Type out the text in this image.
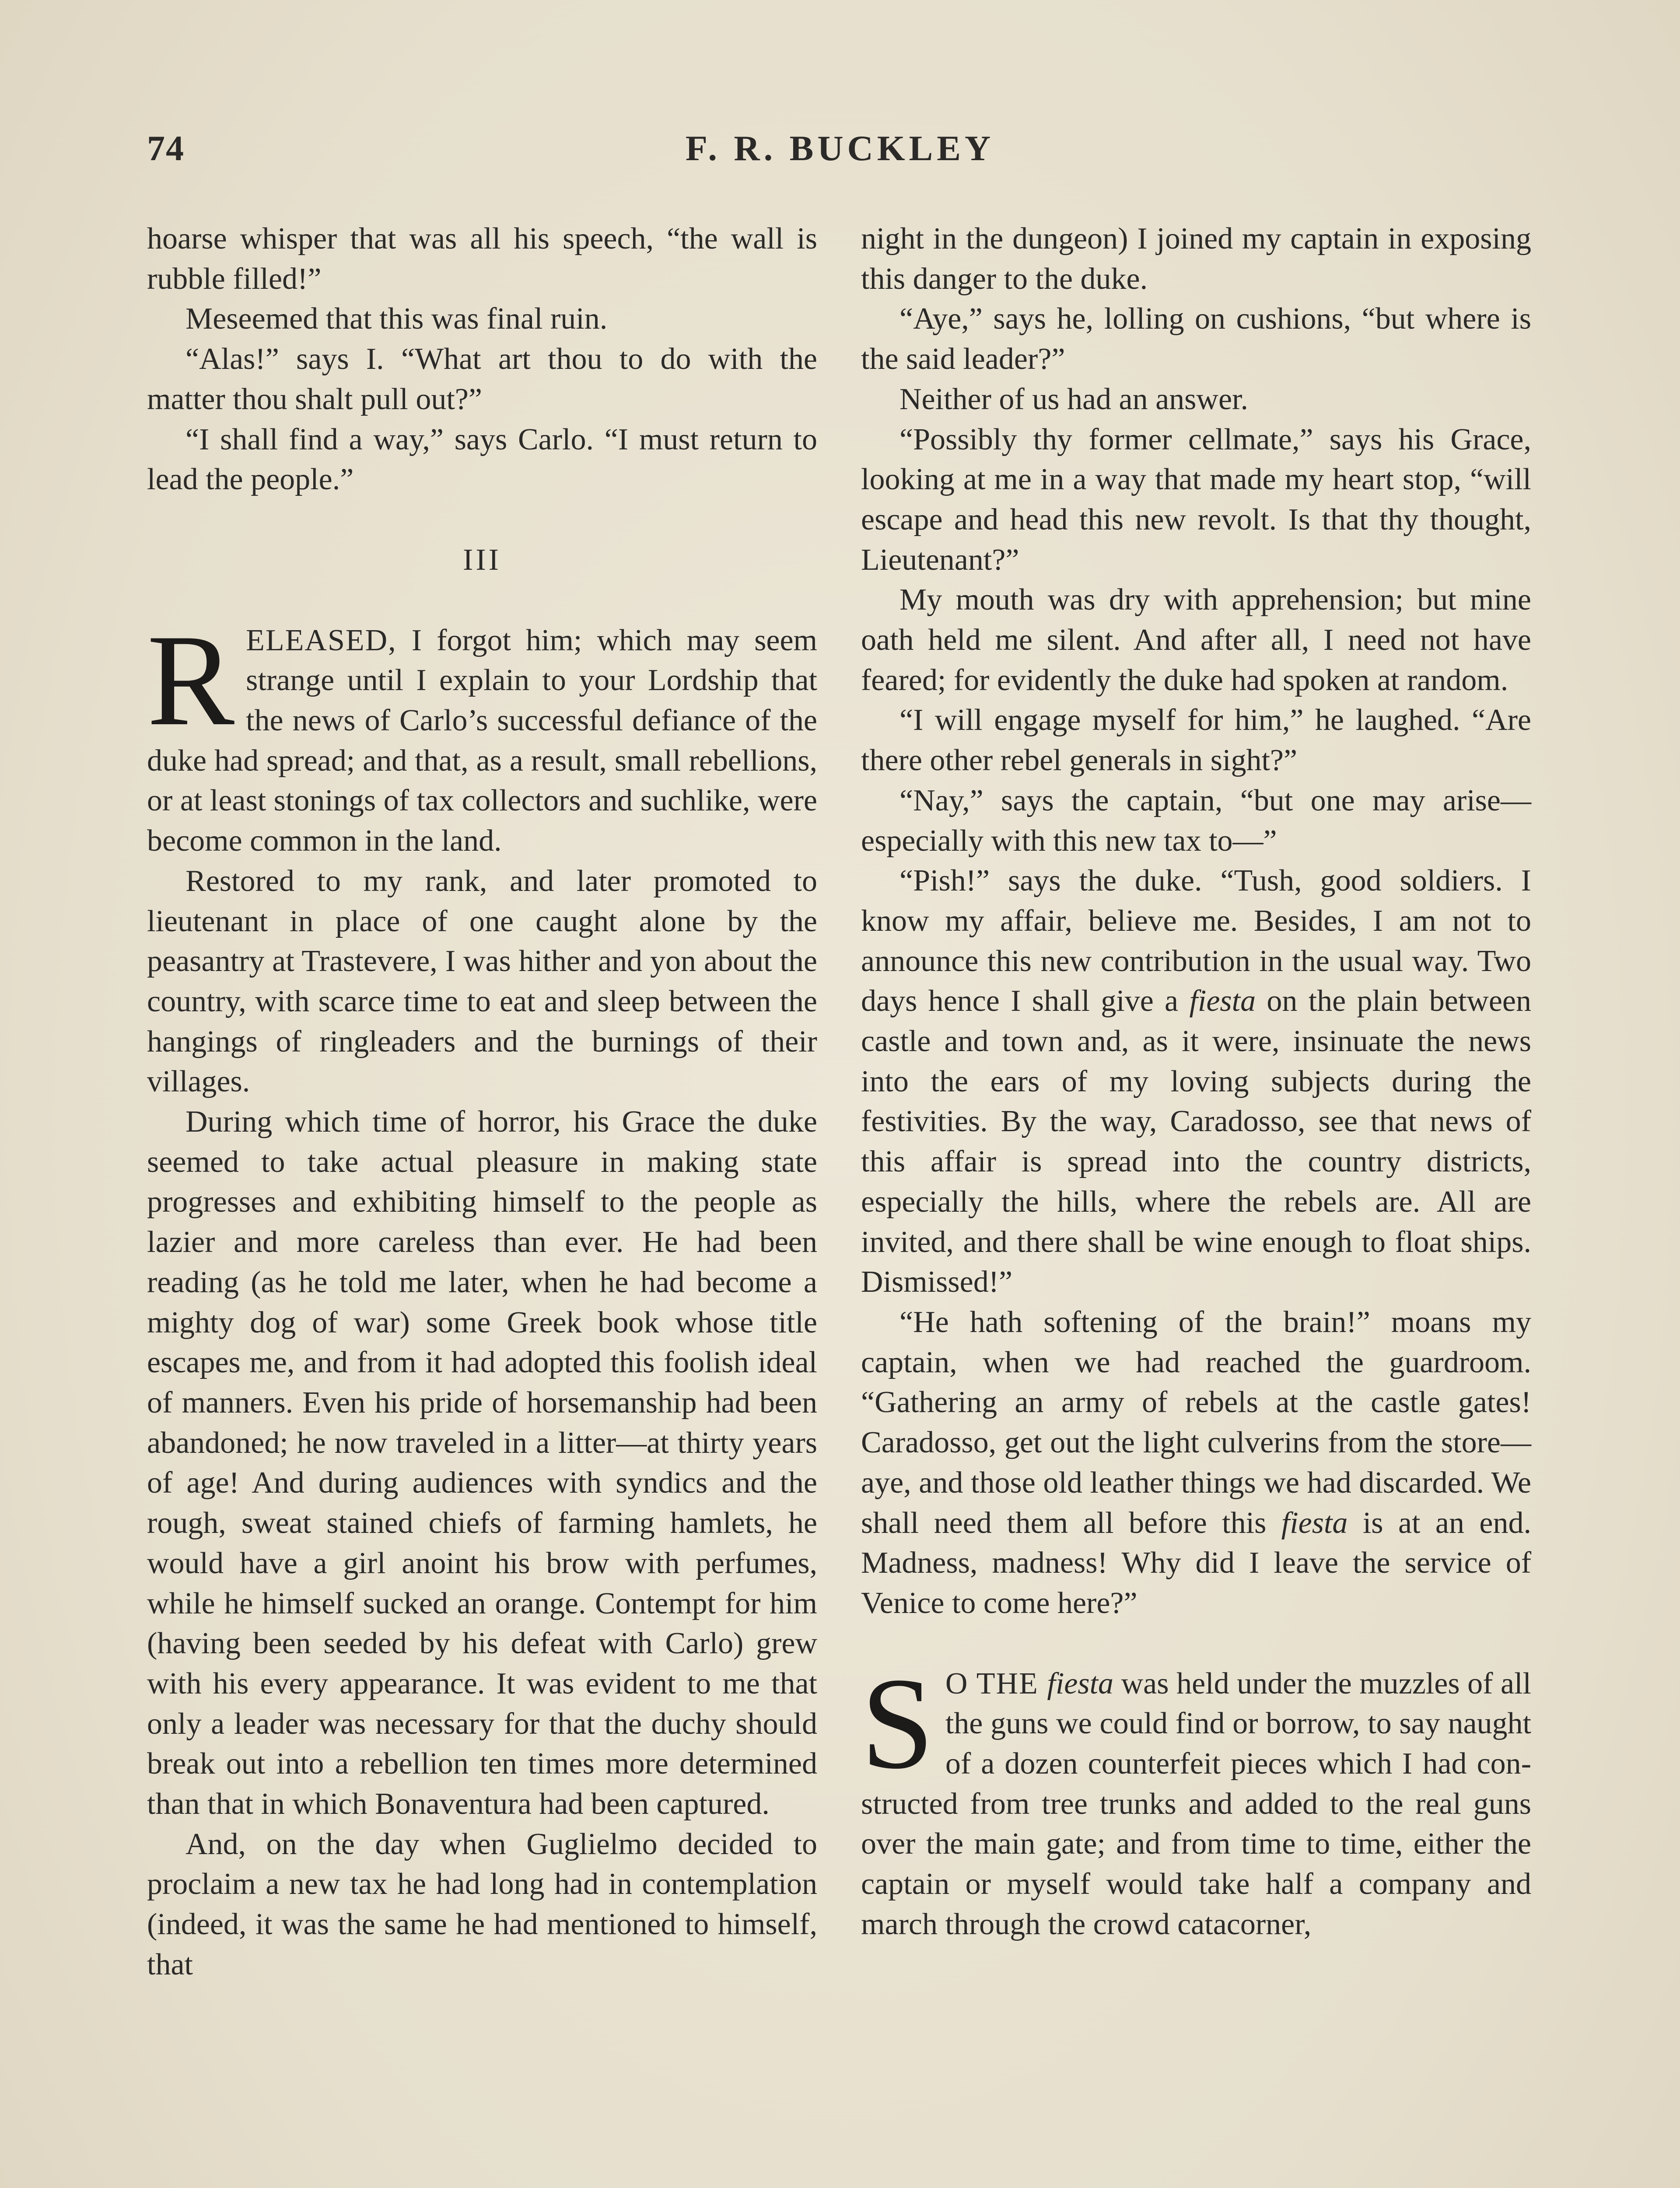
74	F. R. BUCKLEY

hoarse whisper that was all his speech, “the wall is rubble filled!”

Meseemed that this was final ruin.

“Alas!” says I. “What art thou to do with the matter thou shalt pull out?”

“I shall find a way,” says Carlo. “I must return to lead the people.”

III

RELEASED, I forgot him; which may seem strange until I explain to your Lordship that the news of Carlo’s successful defiance of the duke had spread; and that, as a result, small rebellions, or at least stonings of tax collectors and suchlike, were become common in the land.

Restored to my rank, and later promoted to lieutenant in place of one caught alone by the peasantry at Trastevere, I was hither and yon about the country, with scarce time to eat and sleep between the hangings of ringleaders and the burnings of their villages.

During which time of horror, his Grace the duke seemed to take actual pleasure in making state progresses and exhibiting himself to the people as lazier and more careless than ever. He had been reading (as he told me later, when he had become a mighty dog of war) some Greek book whose title escapes me, and from it had adopted this foolish ideal of manners. Even his pride of horsemanship had been abandoned; he now traveled in a litter—at thirty years of age! And during audiences with syndics and the rough, sweat stained chiefs of farming hamlets, he would have a girl anoint his brow with perfumes, while he himself sucked an orange. Contempt for him (having been seeded by his defeat with Carlo) grew with his every appearance. It was evident to me that only a leader was necessary for that the duchy should break out into a rebellion ten times more determined than that in which Bonaventura had been captured.

And, on the day when Guglielmo decided to proclaim a new tax he had long had in contemplation (indeed, it was the same he had mentioned to himself, that

night in the dungeon) I joined my captain in exposing this danger to the duke.

“Aye,” says he, lolling on cushions, “but where is the said leader?”

Neither of us had an answer.

“Possibly thy former cellmate,” says his Grace, looking at me in a way that made my heart stop, “will escape and head this new revolt. Is that thy thought, Lieutenant?”

My mouth was dry with apprehension; but mine oath held me silent. And after all, I need not have feared; for evidently the duke had spoken at random.

“I will engage myself for him,” he laughed. “Are there other rebel generals in sight?”

“Nay,” says the captain, “but one may arise—especially with this new tax to—”

“Pish!” says the duke. “Tush, good soldiers. I know my affair, believe me. Besides, I am not to announce this new contribution in the usual way. Two days hence I shall give a fiesta on the plain between castle and town and, as it were, insinuate the news into the ears of my loving subjects during the festivities. By the way, Caradosso, see that news of this affair is spread into the country districts, especially the hills, where the rebels are. All are invited, and there shall be wine enough to float ships. Dismissed!”

“He hath softening of the brain!” moans my captain, when we had reached the guardroom. “Gathering an army of rebels at the castle gates! Caradosso, get out the light culverins from the store—aye, and those old leather things we had discarded. We shall need them all before this fiesta is at an end. Madness, madness! Why did I leave the service of Venice to come here?”

S O THE fiesta was held under the muzzles of all the guns we could find or borrow, to say naught of a dozen counterfeit pieces which I had constructed from tree trunks and added to the real guns over the main gate; and from time to time, either the captain or myself would take half a company and march through the crowd catacorner,
